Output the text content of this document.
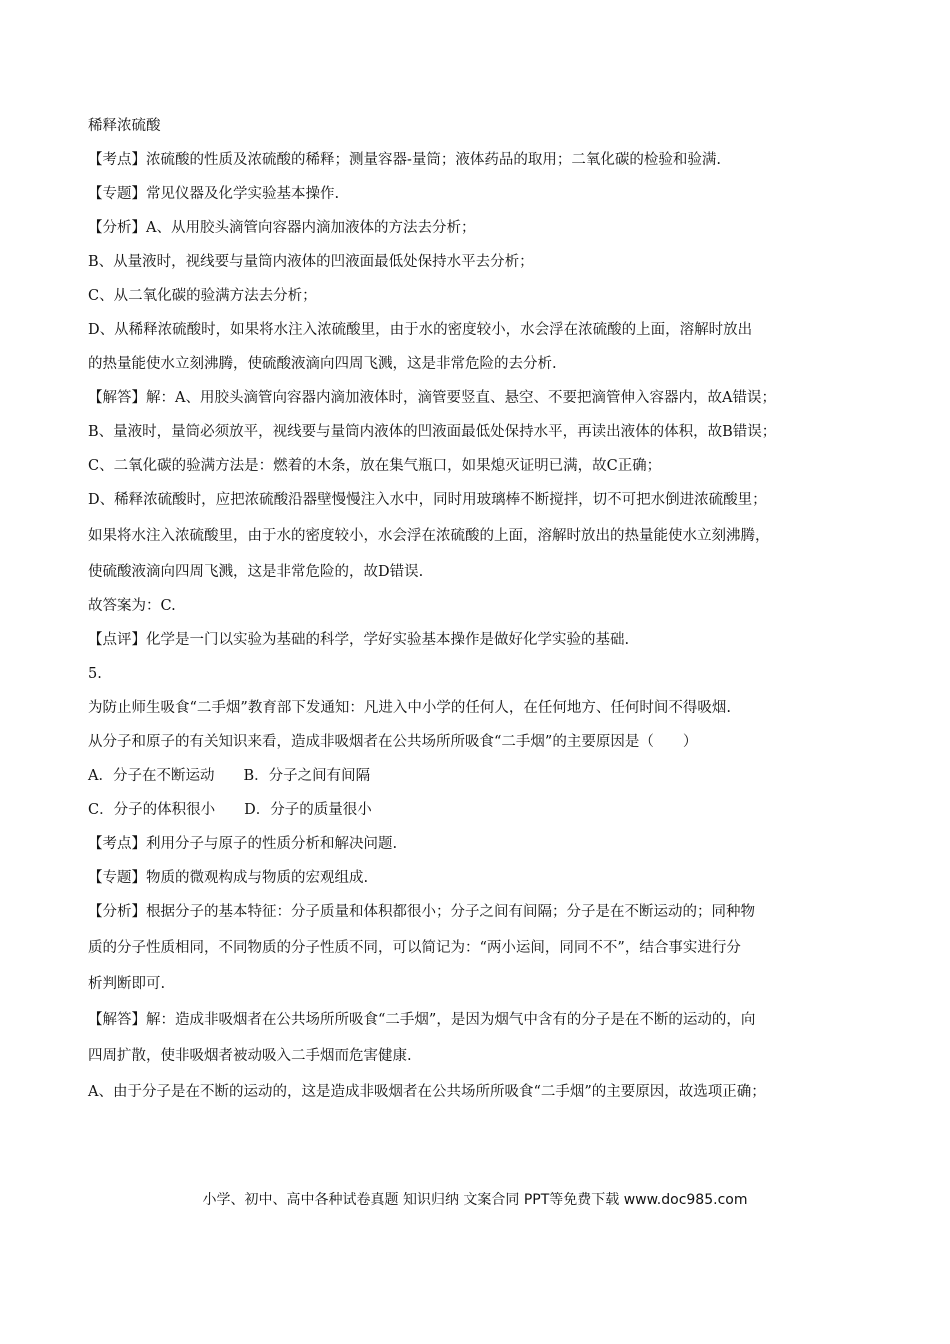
稀释浓硫酸

【考点】浓硫酸的性质及浓硫酸的稀释；测量容器-量筒；液体药品的取用；二氧化碳的检验和验满.

【专题】常见仪器及化学实验基本操作.

【分析】A、从用胶头滴管向容器内滴加液体的方法去分析；

B、从量液时，视线要与量筒内液体的凹液面最低处保持水平去分析；

C、从二氧化碳的验满方法去分析；

D、从稀释浓硫酸时，如果将水注入浓硫酸里，由于水的密度较小，水会浮在浓硫酸的上面，溶解时放出

的热量能使水立刻沸腾，使硫酸液滴向四周飞溅，这是非常危险的去分析.

【解答】解：A、用胶头滴管向容器内滴加液体时，滴管要竖直、悬空、不要把滴管伸入容器内，故A错误；

B、量液时，量筒必须放平，视线要与量筒内液体的凹液面最低处保持水平，再读出液体的体积，故B错误；

C、二氧化碳的验满方法是：燃着的木条，放在集气瓶口，如果熄灭证明已满，故C正确；

D、稀释浓硫酸时，应把浓硫酸沿器壁慢慢注入水中，同时用玻璃棒不断搅拌，切不可把水倒进浓硫酸里；

如果将水注入浓硫酸里，由于水的密度较小，水会浮在浓硫酸的上面，溶解时放出的热量能使水立刻沸腾，

使硫酸液滴向四周飞溅，这是非常危险的，故D错误.

故答案为：C.

【点评】化学是一门以实验为基础的科学，学好实验基本操作是做好化学实验的基础.

5.

为防止师生吸食“二手烟”教育部下发通知：凡进入中小学的任何人，在任何地方、任何时间不得吸烟.

从分子和原子的有关知识来看，造成非吸烟者在公共场所所吸食“二手烟”的主要原因是（　　）

A．分子在不断运动　　B．分子之间有间隔

C．分子的体积很小　　D．分子的质量很小

【考点】利用分子与原子的性质分析和解决问题.

【专题】物质的微观构成与物质的宏观组成.

【分析】根据分子的基本特征：分子质量和体积都很小；分子之间有间隔；分子是在不断运动的；同种物

质的分子性质相同，不同物质的分子性质不同，可以简记为：“两小运间，同同不不”，结合事实进行分

析判断即可.

【解答】解：造成非吸烟者在公共场所所吸食“二手烟”，是因为烟气中含有的分子是在不断的运动的，向

四周扩散，使非吸烟者被动吸入二手烟而危害健康.

A、由于分子是在不断的运动的，这是造成非吸烟者在公共场所所吸食“二手烟”的主要原因，故选项正确；

小学、初中、高中各种试卷真题 知识归纳 文案合同 PPT等免费下载 www.doc985.com
